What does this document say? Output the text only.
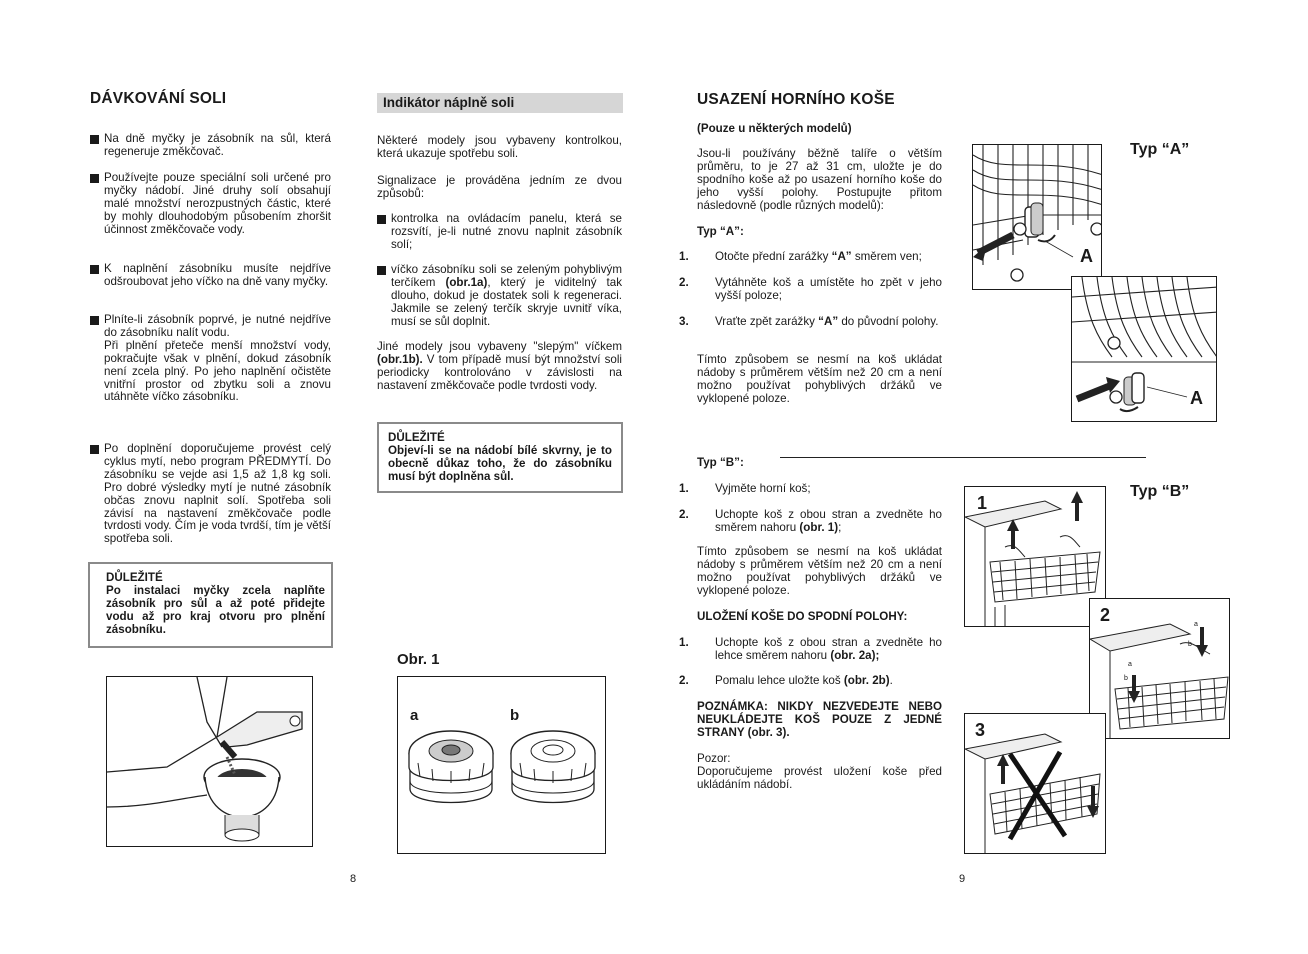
DÁVKOVÁNÍ SOLI
Na dně myčky je zásobník na sůl, která regeneruje změkčovač.
Používejte pouze speciální soli určené pro myčky nádobí. Jiné druhy solí obsahují malé množství nerozpustných částic, které by mohly dlouhodobým působením zhoršit účinnost změkčovače vody.
K naplnění zásobníku musíte nejdříve odšroubovat jeho víčko na dně vany myčky.
Plníte-li zásobník poprvé, je nutné nejdříve do zásobníku nalít vodu.
Při plnění přeteče menší množství vody, pokračujte však v plnění, dokud zásobník není zcela plný. Po jeho naplnění očistěte vnitřní prostor od zbytku soli a znovu utáhněte víčko zásobníku.
Po doplnění doporučujeme provést celý cyklus mytí, nebo program PŘEDMYTÍ. Do zásobníku se vejde asi 1,5 až 1,8 kg soli. Pro dobré výsledky mytí je nutné zásobník občas znovu naplnit solí. Spotřeba soli závisí na nastavení změkčovače podle tvrdosti vody. Čím je voda tvrdší, tím je větší spotřeba soli.
DŮLEŽITÉ
Po instalaci myčky zcela naplňte zásobník pro sůl a až poté přidejte vodu až pro kraj otvoru pro plnění zásobníku.
8
Indikátor náplně soli
Některé modely jsou vybaveny kontrolkou, která ukazuje spotřebu soli.
Signalizace je prováděna jedním ze dvou způsobů:
kontrolka na ovládacím panelu, která se rozsvítí, je-li nutné znovu naplnit zásobník solí;
víčko zásobníku soli se zeleným pohyblivým terčíkem (obr.1a), který je viditelný tak dlouho, dokud je dostatek soli k regeneraci. Jakmile se zelený terčík skryje uvnitř víka, musí se sůl doplnit.
Jiné modely jsou vybaveny "slepým" víčkem (obr.1b). V tom případě musí být množství soli periodicky kontrolováno v závislosti na nastavení změkčovače podle tvrdosti vody.
DŮLEŽITÉ
Objeví-li se na nádobí bílé skvrny, je to obecně důkaz toho, že do zásobníku musí být doplněna sůl.
Obr. 1
a	b
USAZENÍ HORNÍHO KOŠE
(Pouze u některých modelů)
Jsou-li používány běžně talíře o větším průměru, to je 27 až 31 cm, uložte je do spodního koše až po usazení horního koše do jeho vyšší polohy. Postupujte přitom následovně (podle různých modelů):
Typ “A”:
1. Otočte přední zarážky “A” směrem ven;
2. Vytáhněte koš a umístěte ho zpět v jeho vyšší poloze;
3. Vraťte zpět zarážky “A” do původní polohy.
Tímto způsobem se nesmí na koš ukládat nádoby s průměrem větším než 20 cm a není možno používat pohyblivých držáků ve vyklopené poloze.
Typ “B”:
1. Vyjměte horní koš;
2. Uchopte koš z obou stran a zvedněte ho směrem nahoru (obr. 1);
Tímto způsobem se nesmí na koš ukládat nádoby s průměrem větším než 20 cm a není možno používat pohyblivých držáků ve vyklopené poloze.
ULOŽENÍ KOŠE DO SPODNÍ POLOHY:
1. Uchopte koš z obou stran a zvedněte ho lehce směrem nahoru (obr. 2a);
2. Pomalu lehce uložte koš (obr. 2b).
POZNÁMKA: NIKDY NEZVEDEJTE NEBO NEUKLÁDEJTE KOŠ POUZE Z JEDNÉ STRANY (obr. 3).
Pozor:
Doporučujeme provést uložení koše před ukládáním nádobí.
9
Typ “A”
Typ “B”
A
A
1
2	a
b
a
b
3
